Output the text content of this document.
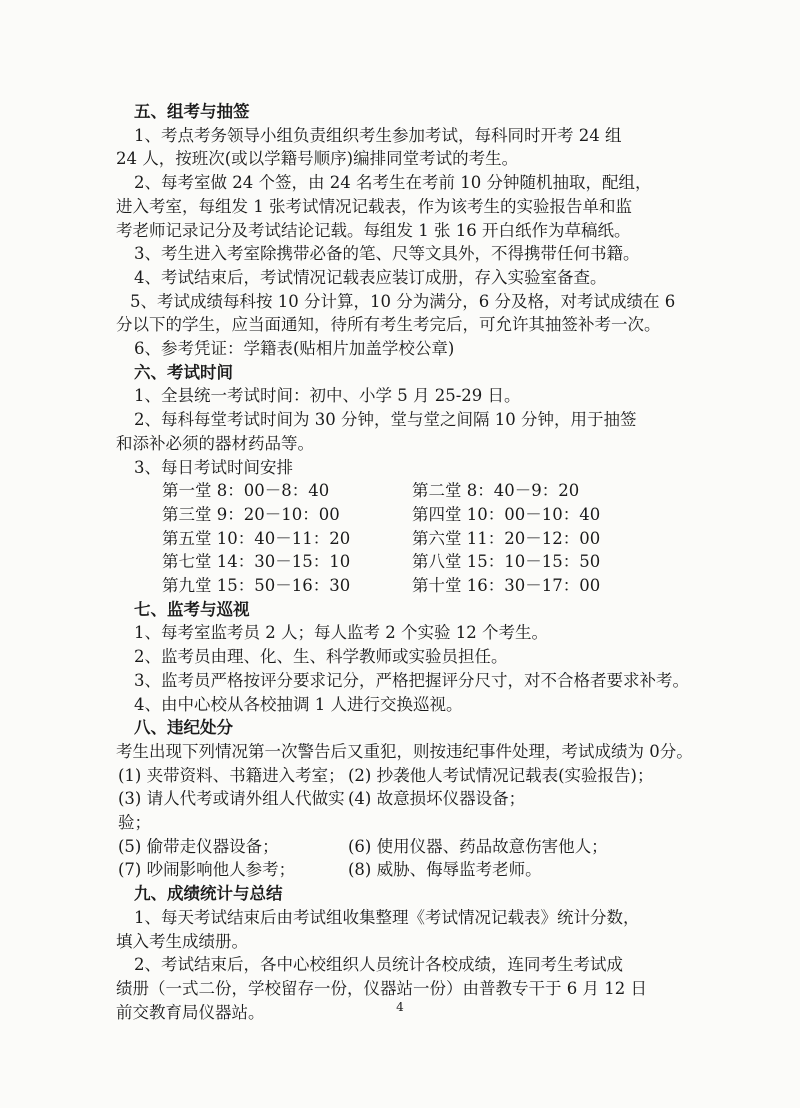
五、组考与抽签

1、考点考务领导小组负责组织考生参加考试，每科同时开考 24 组

24 人，按班次(或以学籍号顺序)编排同堂考试的考生。

2、每考室做 24 个签，由 24 名考生在考前 10 分钟随机抽取，配组，

进入考室，每组发 1 张考试情况记载表，作为该考生的实验报告单和监

考老师记录记分及考试结论记载。每组发 1 张 16 开白纸作为草稿纸。

3、考生进入考室除携带必备的笔、尺等文具外，不得携带任何书籍。

4、考试结束后，考试情况记载表应装订成册，存入实验室备查。

5、考试成绩每科按 10 分计算，10 分为满分，6 分及格，对考试成绩在 6

分以下的学生，应当面通知，待所有考生考完后，可允许其抽签补考一次。

6、参考凭证：学籍表(贴相片加盖学校公章)

六、考试时间

1、全县统一考试时间：初中、小学 5 月 25-29 日。

2、每科每堂考试时间为 30 分钟，堂与堂之间隔 10 分钟，用于抽签

和添补必须的器材药品等。

3、每日考试时间安排

第一堂 8：00－8：40	第二堂 8：40－9：20
第三堂 9：20－10：00	第四堂 10：00－10：40
第五堂 10：40－11：20	第六堂 11：20－12：00
第七堂 14：30－15：10	第八堂 15：10－15：50
第九堂 15：50－16：30	第十堂 16：30－17：00

七、监考与巡视

1、每考室监考员 2 人；每人监考 2 个实验 12 个考生。

2、监考员由理、化、生、科学教师或实验员担任。

3、监考员严格按评分要求记分，严格把握评分尺寸，对不合格者要求补考。

4、由中心校从各校抽调 1 人进行交换巡视。

八、违纪处分

考生出现下列情况第一次警告后又重犯，则按违纪事件处理，考试成绩为 0分。

(1) 夹带资料、书籍进入考室； (2) 抄袭他人考试情况记载表(实验报告)；
(3) 请人代考或请外组人代做实验；
(4) 故意损坏仪器设备；
(5) 偷带走仪器设备；	(6) 使用仪器、药品故意伤害他人；
(7) 吵闹影响他人参考；	(8) 威胁、侮辱监考老师。

九、成绩统计与总结

1、每天考试结束后由考试组收集整理《考试情况记载表》统计分数，

填入考生成绩册。

2、考试结束后，各中心校组织人员统计各校成绩，连同考生考试成

绩册（一式二份，学校留存一份，仪器站一份）由普教专干于 6 月 12 日

前交教育局仪器站。	4
